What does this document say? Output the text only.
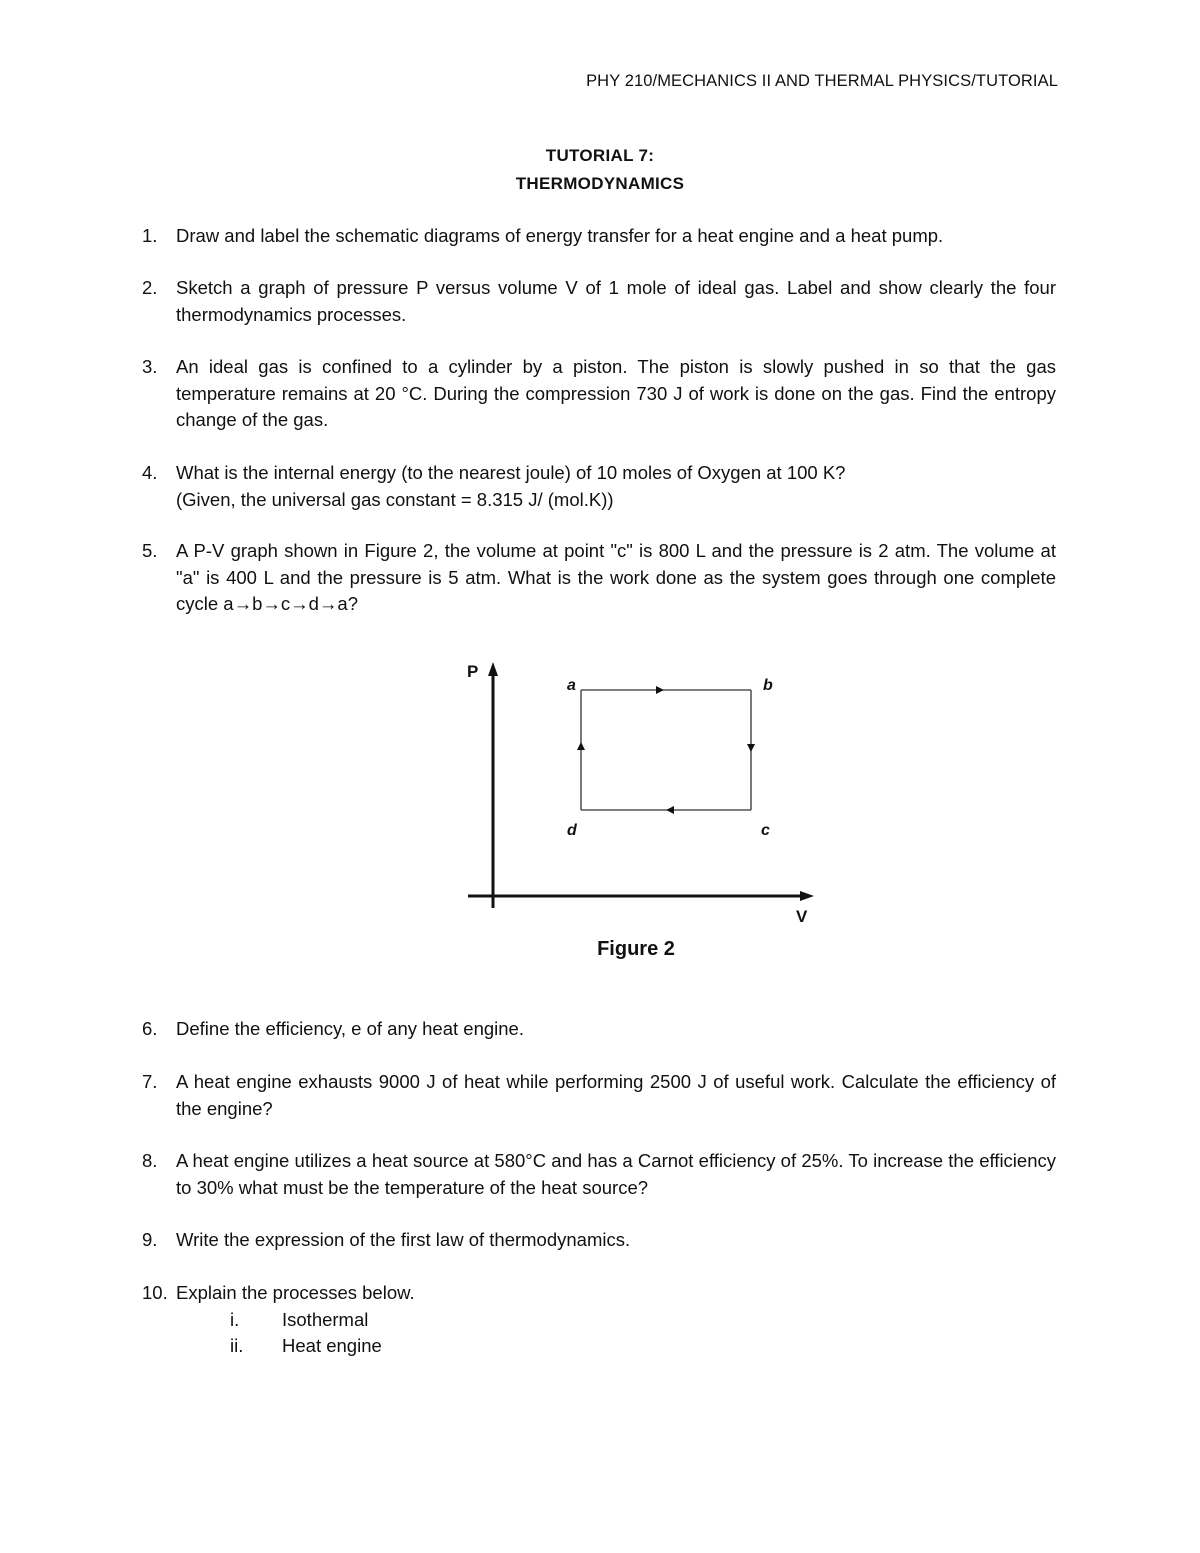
PHY 210/MECHANICS II AND THERMAL PHYSICS/TUTORIAL
TUTORIAL 7:
THERMODYNAMICS
1. Draw and label the schematic diagrams of energy transfer for a heat engine and a heat pump.

2. Sketch a graph of pressure P versus volume V of 1 mole of ideal gas. Label and show clearly the four thermodynamics processes.

3. An ideal gas is confined to a cylinder by a piston. The piston is slowly pushed in so that the gas temperature remains at 20 °C. During the compression 730 J of work is done on the gas. Find the entropy change of the gas.

4. What is the internal energy (to the nearest joule) of 10 moles of Oxygen at 100 K?

(Given, the universal gas constant = 8.315 J/ (mol.K))

5. A P-V graph shown in Figure 2, the volume at point "c" is 800 L and the pressure is 2 atm. The volume at "a" is 400 L and the pressure is 5 atm. What is the work done as the system goes through one complete cycle a→b→c→d→a?

P
V
a	b
c
d
Figure 2
6. Define the efficiency, e of any heat engine.

7. A heat engine exhausts 9000 J of heat while performing 2500 J of useful work. Calculate the efficiency of the engine?

8. A heat engine utilizes a heat source at 580°C and has a Carnot efficiency of 25%. To increase the efficiency to 30% what must be the temperature of the heat source?

9. Write the expression of the first law of thermodynamics.

10. Explain the processes below.

i. Isothermal
ii. Heat engine
